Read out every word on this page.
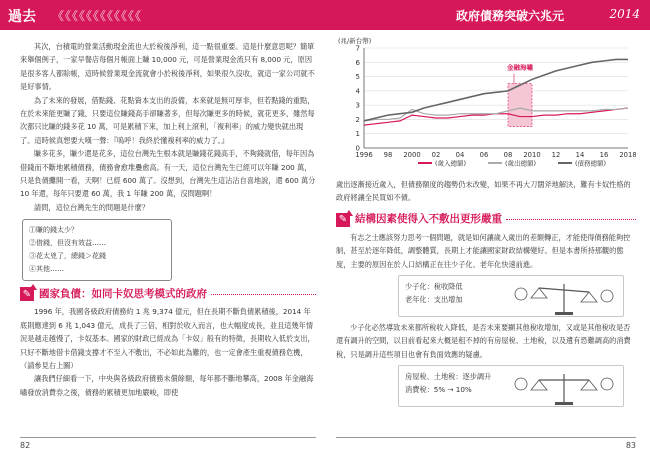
過去 《《《《《《《《《《《《	政府債務突破六兆元	2014

其次，台積電的營業活動現金流也大於稅後淨利，這一點很重要。這是什麼意思呢？簡單來舉個例子，一家早餐店每個月帳面上賺 10,000 元，可是營業現金流只有 8,000 元，原因是很多客人都賒帳，這時候營業現金流就會小於稅後淨利，如果很久沒收，就這一家公司就不是好事情。

為了未來的發展，借點錢、花點資本支出的設備，本來就是無可厚非，但若點錢的重點，在於未來能更賺了錢，只要這位賺錢高手卻賺著多，但每次賺更多的時候，就花更多，雖然每次都只比賺的錢多花 10 萬，可是累積下來，加上利上滾利，「複利率」的威力變快就出現了。這時候真想要大嘆一聲：『嗚呼！我終於懂複利率的威力了。』

賺多花多，賺少還是花多，這位台灣先生根本就是賺錢花錢高手，不夠錢就借，每年因為借錢而不斷地累積債務，債務會愈堆疊愈高。有一天，這位台灣先生已經可以年賺 200 萬，只是負債攤開一看，天啊！已經 600 萬了。沒想到，台灣先生這沾沾自喜地說，還 600 萬分 10 年還，每年只要還 60 萬，我 1 年賺 200 萬，沒問題啊！

請問，這位台灣先生的問題是什麼？

①賺的錢太少？
②借錢，但沒有效益……
③花太兇了，總錢＞花錢
④其他……
✎ 國家負債：如同卡奴思考模式的政府

1996 年，我國各級政府債務約 1 兆 9,374 億元，但在長期不斷負債累積後，2014 年底則應達到 6 兆 1,043 億元，成長了三倍，相對於收入而言，也大幅度成長，並且這幾年情況是越走越慢了，卡奴基本。國家的財政已經成為「卡奴」般有的特徵，長期收入低於支出，只好不斷地借卡借錢支撐才不至入不敷出，不必如此為難的，也一定會產生重視債務危機，（請參見右上圖）

讓我們仔細看一下，中央與各級政府債務未償餘額，每年都不斷地攀高，2008 年金融海嘯發放消費券之後，債務的累積更加地嚴峻，即使

(兆/新台幣)
金融海嘯
0
1
2
3
4
5
6
7
1996 98 2000 02 04 06 08 2010 12 14 16 2018
(歲入總額)	(歲出總額)	(債務總額)

歲出逐漸接近歲入，但債務額度的趨勢仍未改變，如果不再大刀闊斧地解決，難有卡奴性格的政府將讓全民買如不債。

✎ 結構因素使得入不敷出更形嚴重

有志之士應該努力思考一個問題，就是如何讓歲入歲出的差額轉正，才能使得債務能夠控制，甚至於逐年降低，調整體質，長期上才能讓國家財政結構變好。但是本書所持那觀的態度，主要的原因在於人口結構正在往少子化、老年化快速前進。

少子化：稅收降低
老年化：支出增加

少子化必然導致未來都所稅收入降低，是否未來要顯其他稅收增加，又或是其他稅收是否還有調升的空間，以目前看起來大概是租不掉的有房屋稅、土地稅，以及遺有恐難調高的消費稅，只是調升這些項目也會有負面效應的疑慮。

房屋稅、土地稅：逐步調升
消費稅：5% → 10%
82	83
